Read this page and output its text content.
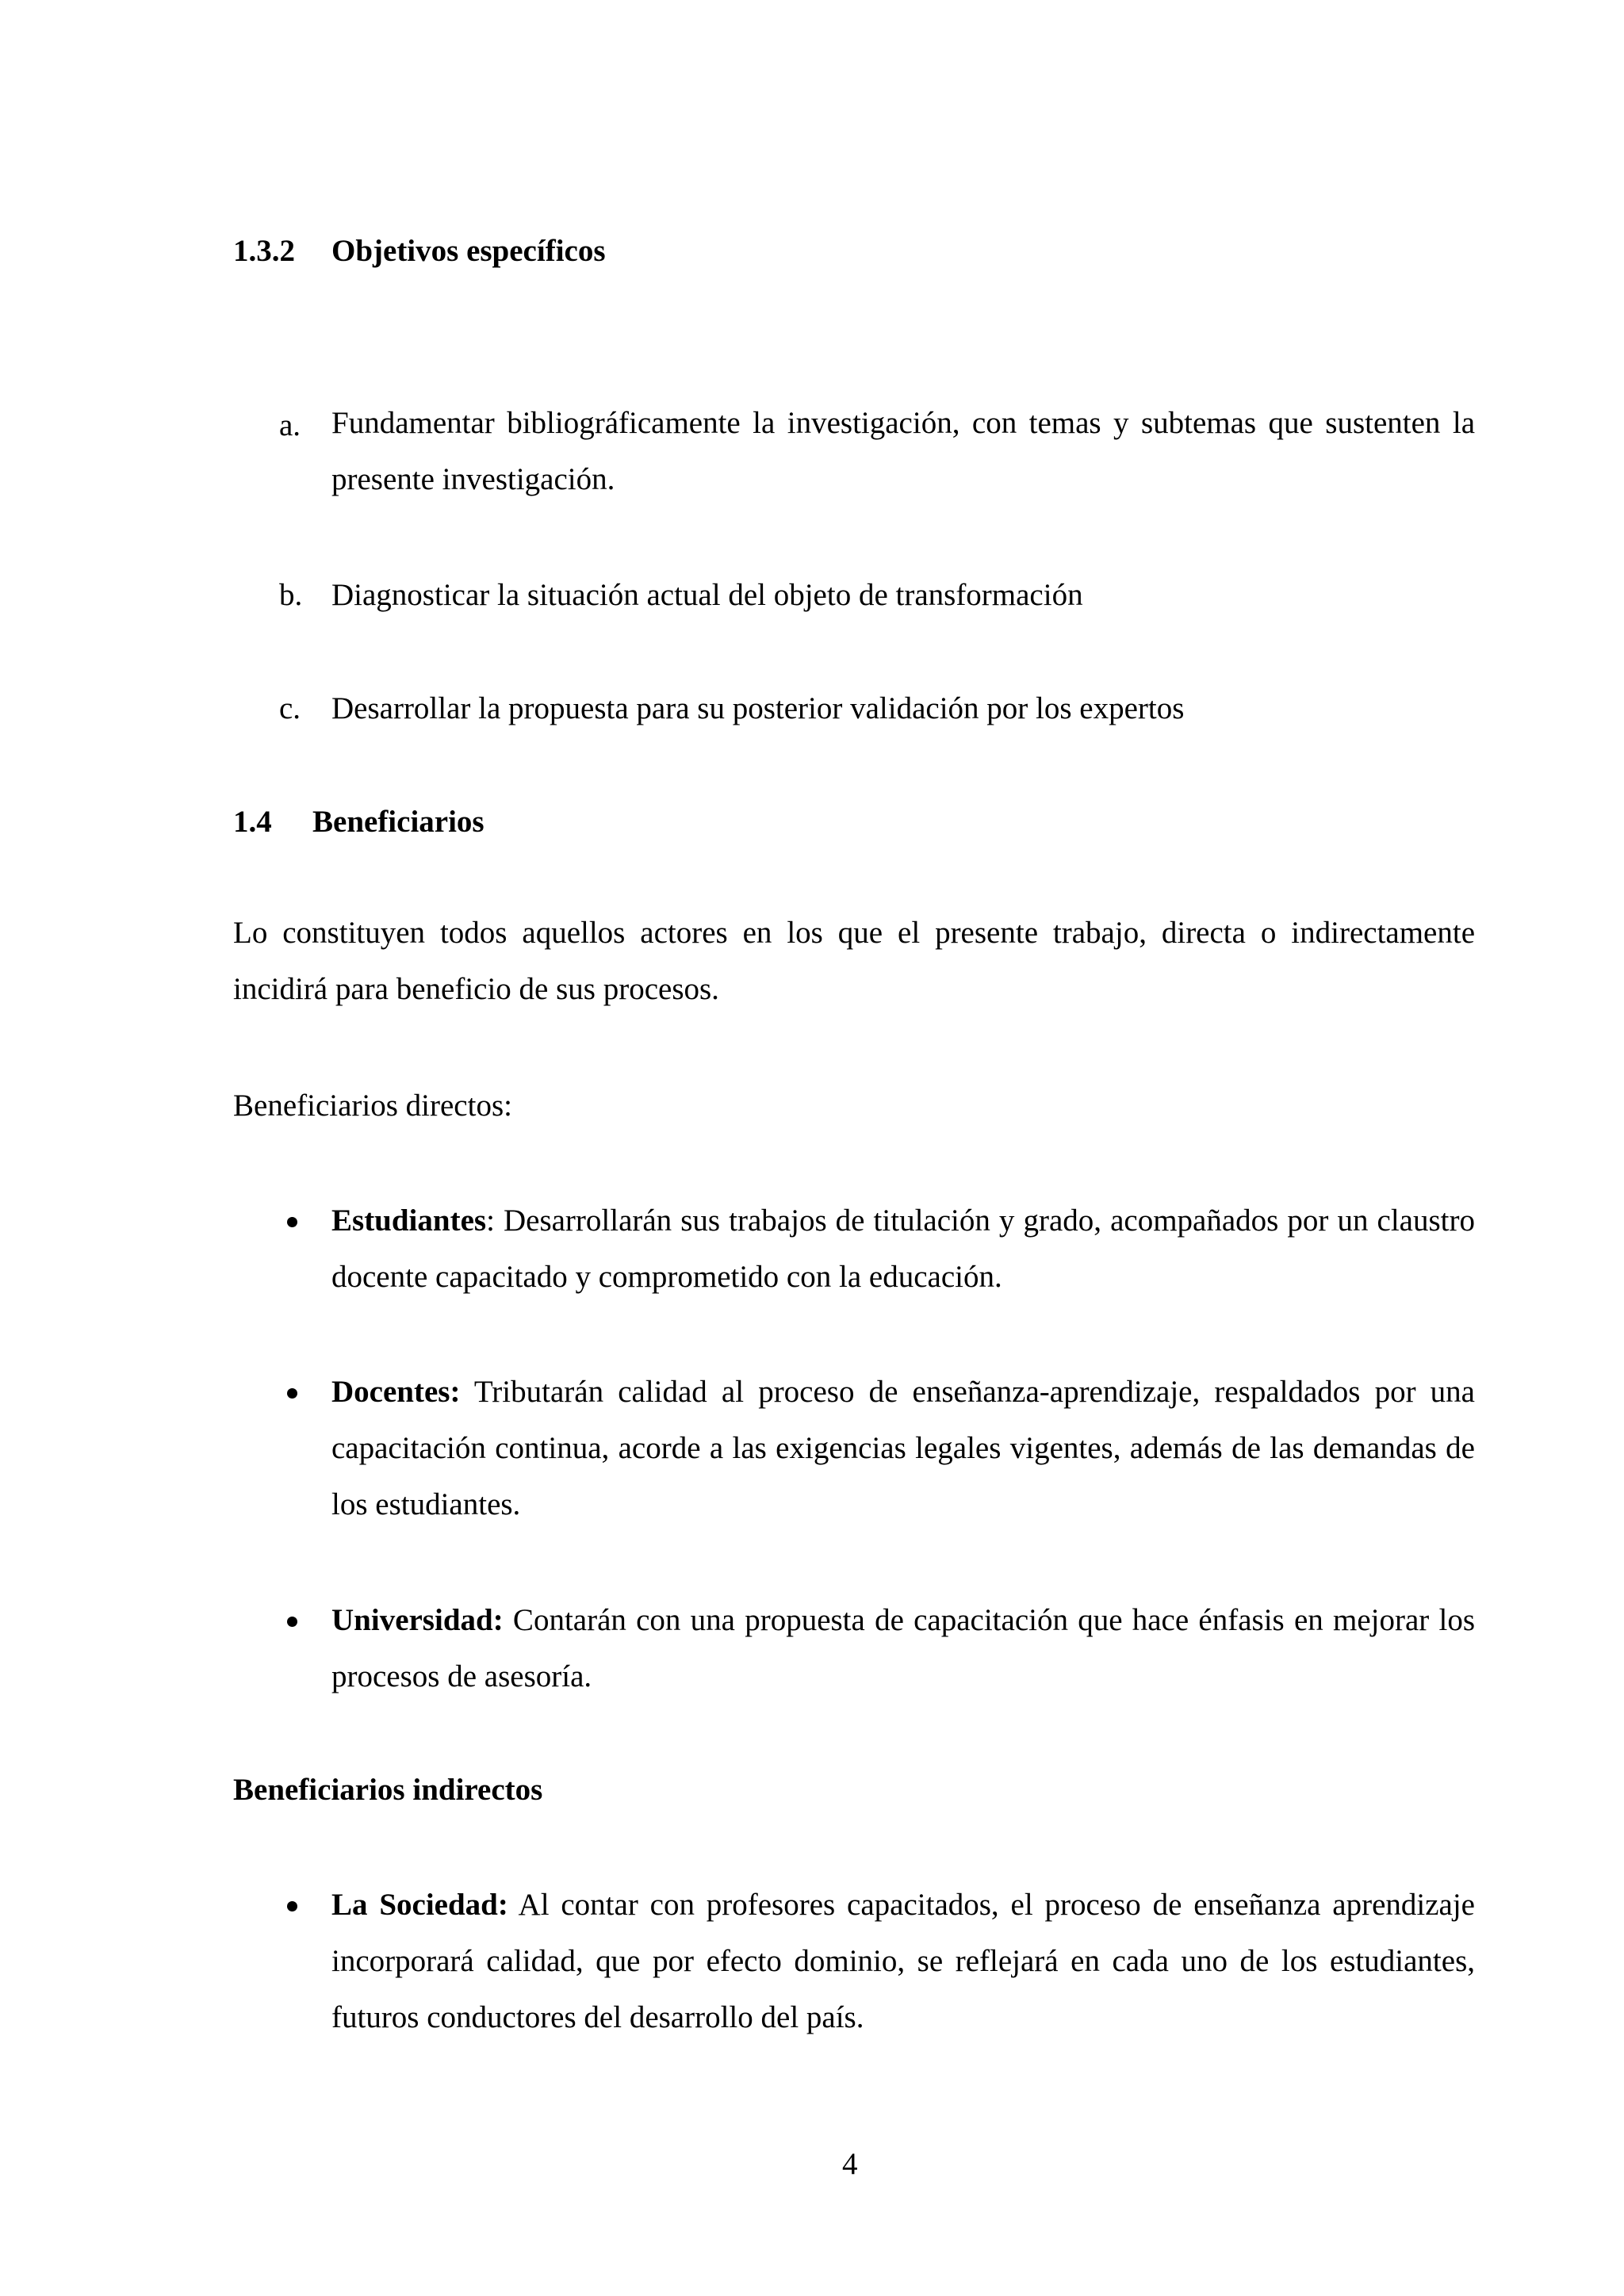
1.3.2 Objetivos específicos
a. Fundamentar bibliográficamente la investigación, con temas y subtemas que sustenten la presente investigación.
b. Diagnosticar la situación actual del objeto de transformación
c. Desarrollar la propuesta para su posterior validación por los expertos
1.4 Beneficiarios
Lo constituyen todos aquellos actores en los que el presente trabajo, directa o indirectamente incidirá para beneficio de sus procesos.
Beneficiarios directos:
Estudiantes: Desarrollarán sus trabajos de titulación y grado, acompañados por un claustro docente capacitado y comprometido con la educación.
Docentes: Tributarán calidad al proceso de enseñanza-aprendizaje, respaldados por una capacitación continua, acorde a las exigencias legales vigentes, además de las demandas de los estudiantes.
Universidad: Contarán con una propuesta de capacitación que hace énfasis en mejorar los procesos de asesoría.
Beneficiarios indirectos
La Sociedad: Al contar con profesores capacitados, el proceso de enseñanza aprendizaje incorporará calidad, que por efecto dominio, se reflejará en cada uno de los estudiantes, futuros conductores del desarrollo del país.
4
